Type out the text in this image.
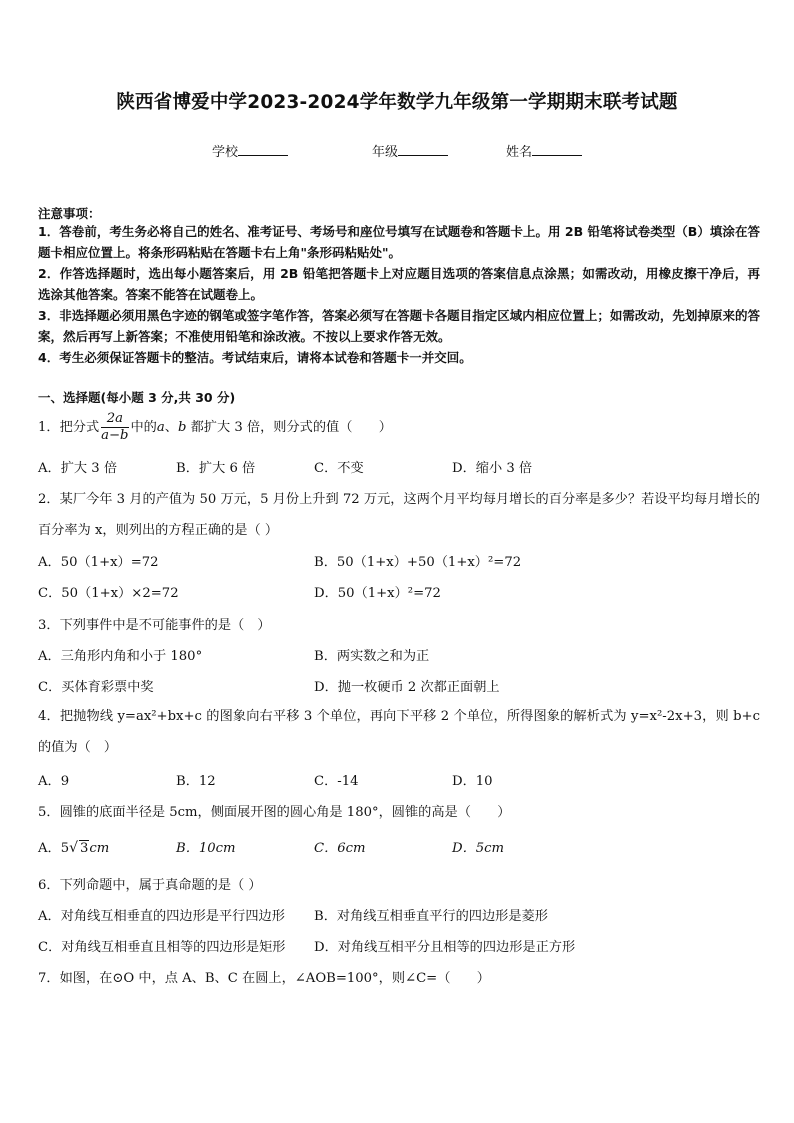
陕西省博爱中学2023-2024学年数学九年级第一学期期末联考试题
学校	年级	姓名
注意事项：
1．答卷前，考生务必将自己的姓名、准考证号、考场号和座位号填写在试题卷和答题卡上。用 2B 铅笔将试卷类型（B）填涂在答题卡相应位置上。将条形码粘贴在答题卡右上角"条形码粘贴处"。
2．作答选择题时，选出每小题答案后，用 2B 铅笔把答题卡上对应题目选项的答案信息点涂黑；如需改动，用橡皮擦干净后，再选涂其他答案。答案不能答在试题卷上。
3．非选择题必须用黑色字迹的钢笔或签字笔作答，答案必须写在答题卡各题目指定区域内相应位置上；如需改动，先划掉原来的答案，然后再写上新答案；不准使用铅笔和涂改液。不按以上要求作答无效。
4．考生必须保证答题卡的整洁。考试结束后，请将本试卷和答题卡一并交回。
一、选择题(每小题 3 分,共 30 分)
1．把分式 $\frac{2a}{a-b}$ 中的a、b 都扩大 3 倍，则分式的值（　　）
A．扩大 3 倍	B．扩大 6 倍	C．不变	D．缩小 3 倍
2．某厂今年 3 月的产值为 50 万元，5 月份上升到 72 万元，这两个月平均每月增长的百分率是多少？若设平均每月增长的百分率为 x，则列出的方程正确的是（ ）
A．50（1+x）=72	B．50（1+x）+50（1+x）²=72
C．50（1+x）×2=72	D．50（1+x）²=72
3．下列事件中是不可能事件的是（　）
A．三角形内角和小于 180°	B．两实数之和为正
C．买体育彩票中奖	D．抛一枚硬币 2 次都正面朝上
4．把抛物线 y=ax²+bx+c 的图象向右平移 3 个单位，再向下平移 2 个单位，所得图象的解析式为 y=x²-2x+3，则 b+c 的值为（　）
A．9	B．12	C．-14	D．10
5．圆锥的底面半径是 5cm，侧面展开图的圆心角是 180°，圆锥的高是（　　）
A．5√ 3cm	B．10cm	C．6cm	D．5cm
6．下列命题中，属于真命题的是（ ）
A．对角线互相垂直的四边形是平行四边形 B．对角线互相垂直平行的四边形是菱形
C．对角线互相垂直且相等的四边形是矩形 D．对角线互相平分且相等的四边形是正方形
7．如图，在⊙O 中，点 A、B、C 在圆上，∠AOB=100°，则∠C=（　　）
